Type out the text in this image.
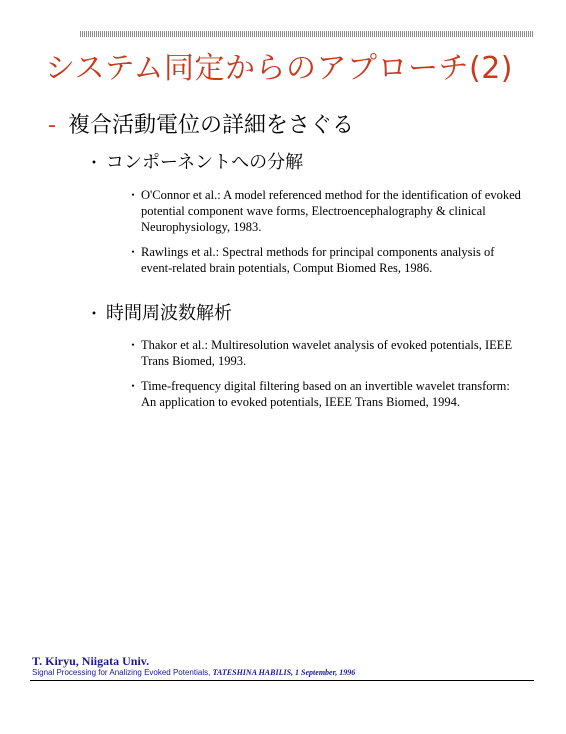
システム同定からのアプローチ(2)
- 複合活動電位の詳細をさぐる
・ コンポーネントへの分解
・ O'Connor et al.: A model referenced method for the identification of evoked potential component wave forms, Electroencephalography & clinical Neurophysiology, 1983.
・ Rawlings et al.: Spectral methods for principal components analysis of event-related brain potentials, Comput Biomed Res, 1986.
・ 時間周波数解析
・ Thakor et al.: Multiresolution wavelet analysis of evoked potentials, IEEE Trans Biomed, 1993.
・ Time-frequency digital filtering based on an invertible wavelet transform: An application to evoked potentials, IEEE Trans Biomed, 1994.
T. Kiryu, Niigata Univ.
Signal Processing for Analizing Evoked Potentials, TATESHINA HABILIS, 1 September, 1996
